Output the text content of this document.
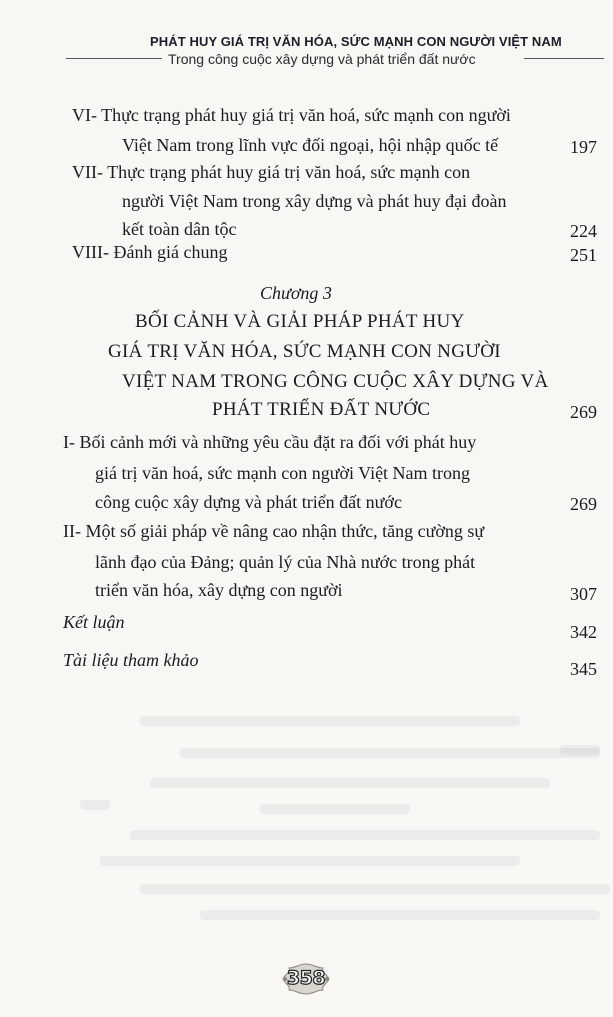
PHÁT HUY GIÁ TRỊ VĂN HÓA, SỨC MẠNH CON NGƯỜI VIỆT NAM
Trong công cuộc xây dựng và phát triển đất nước
VI- Thực trạng phát huy giá trị văn hoá, sức mạnh con người
Việt Nam trong lĩnh vực đối ngoại, hội nhập quốc tế	197
VII- Thực trạng phát huy giá trị văn hoá, sức mạnh con
người Việt Nam trong xây dựng và phát huy đại đoàn
kết toàn dân tộc	224
VIII- Đánh giá chung	251
Chương 3
BỐI CẢNH VÀ GIẢI PHÁP PHÁT HUY
GIÁ TRỊ VĂN HÓA, SỨC MẠNH CON NGƯỜI
VIỆT NAM TRONG CÔNG CUỘC XÂY DỰNG VÀ
PHÁT TRIỂN ĐẤT NƯỚC	269
I- Bối cảnh mới và những yêu cầu đặt ra đối với phát huy
giá trị văn hoá, sức mạnh con người Việt Nam trong
công cuộc xây dựng và phát triển đất nước	269
II- Một số giải pháp về nâng cao nhận thức, tăng cường sự
lãnh đạo của Đảng; quản lý của Nhà nước trong phát
triển văn hóa, xây dựng con người	307
Kết luận	342
Tài liệu tham khảo	345
358
